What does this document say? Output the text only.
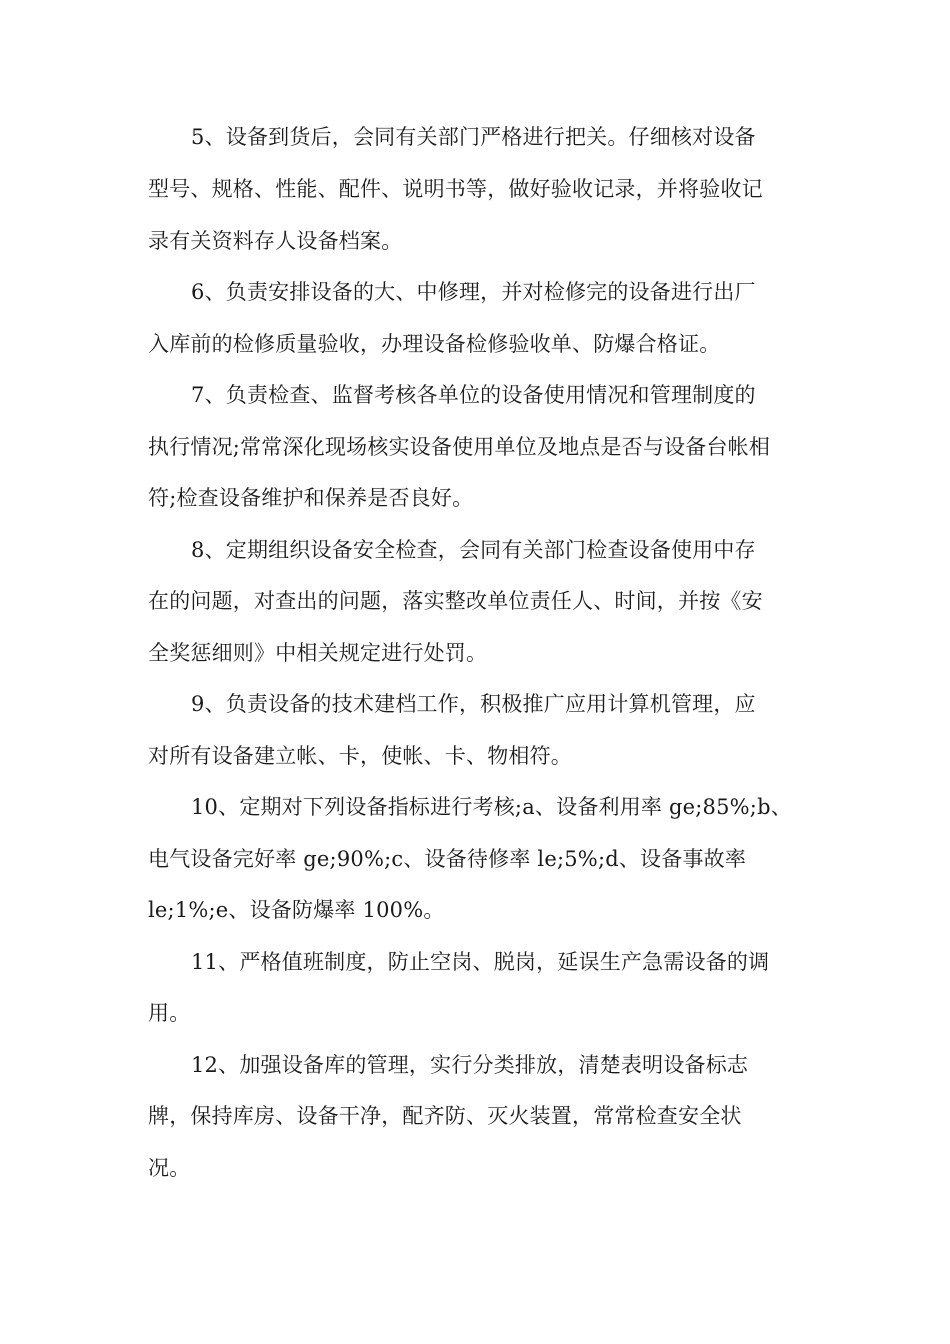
5、设备到货后，会同有关部门严格进行把关。仔细核对设备
型号、规格、性能、配件、说明书等，做好验收记录，并将验收记
录有关资料存人设备档案。
6、负责安排设备的大、中修理，并对检修完的设备进行出厂
入库前的检修质量验收，办理设备检修验收单、防爆合格证。
7、负责检查、监督考核各单位的设备使用情况和管理制度的
执行情况;常常深化现场核实设备使用单位及地点是否与设备台帐相
符;检查设备维护和保养是否良好。
8、定期组织设备安全检查，会同有关部门检查设备使用中存
在的问题，对查出的问题，落实整改单位责任人、时间，并按《安
全奖惩细则》中相关规定进行处罚。
9、负责设备的技术建档工作，积极推广应用计算机管理，应
对所有设备建立帐、卡，使帐、卡、物相符。
10、定期对下列设备指标进行考核;a、设备利用率 ge;85%;b、
电气设备完好率 ge;90%;c、设备待修率 le;5%;d、设备事故率
le;1%;e、设备防爆率 100%。
11、严格值班制度，防止空岗、脱岗，延误生产急需设备的调
用。
12、加强设备库的管理，实行分类排放，清楚表明设备标志
牌，保持库房、设备干净，配齐防、灭火装置，常常检查安全状
况。
